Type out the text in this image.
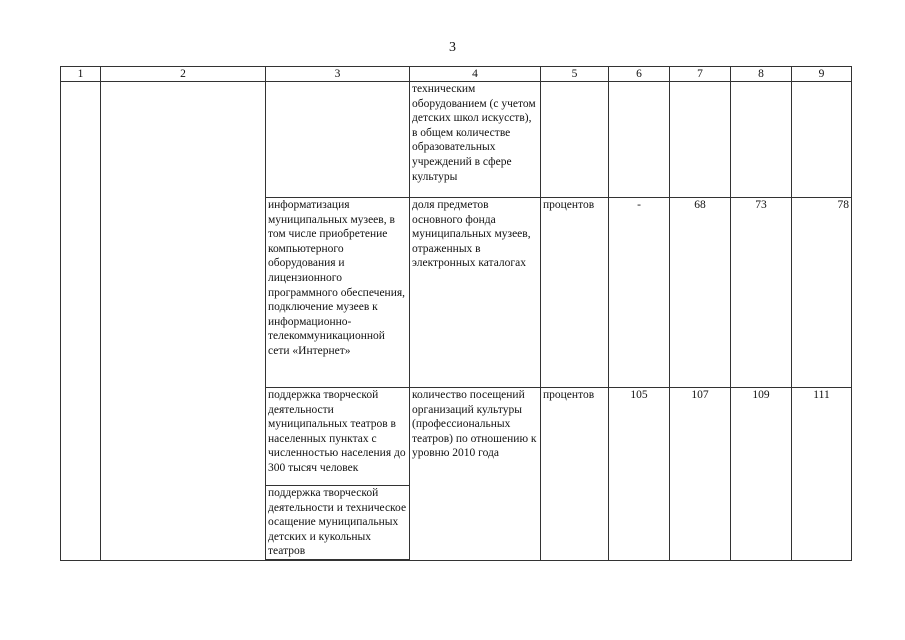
3
1	2	3	4	5	6	7	8	9
			техническим оборудованием (с учетом детских школ искусств), в общем количестве образовательных учреждений в сфере культуры					
		информатизация муниципальных музеев, в том числе приобретение компьютерного оборудования и лицензионного программного обеспечения, подключение музеев к информационно-телекоммуникационной сети «Интернет»	доля предметов основного фонда муниципальных музеев, отраженных в электронных каталогах	процентов	-	68	73	78
		поддержка творческой деятельности муниципальных театров в населенных пунктах с численностью населения до 300 тысяч человек	количество посещений организаций культуры (профессиональных театров) по отношению к уровню 2010 года	процентов	105	107	109	111
		поддержка творческой деятельности и техническое осащение муниципальных детских и кукольных театров						
